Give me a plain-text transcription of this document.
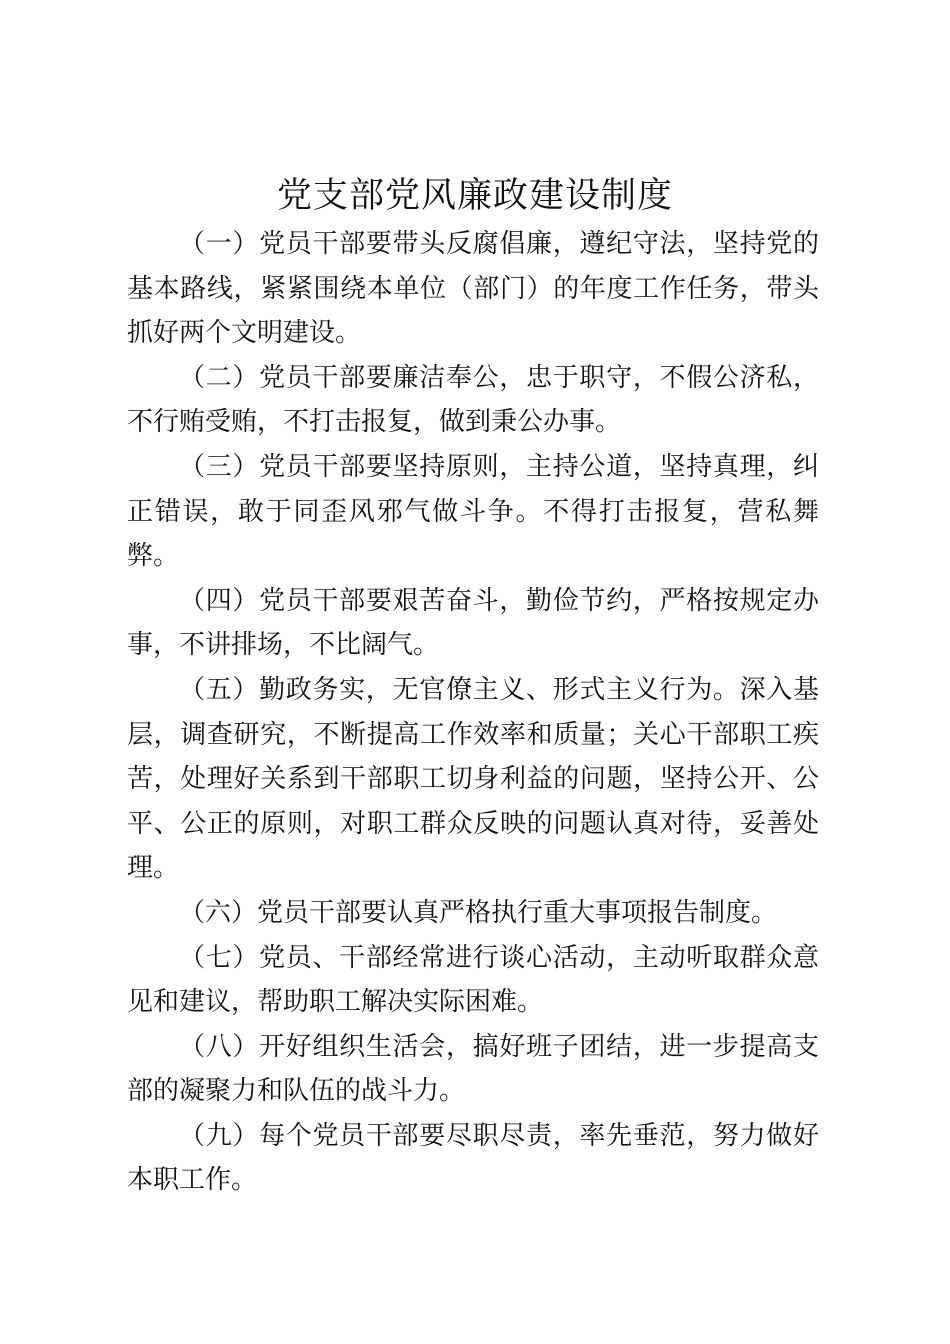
党支部党风廉政建设制度

（一）党员干部要带头反腐倡廉，遵纪守法，坚持党的基本路线，紧紧围绕本单位（部门）的年度工作任务，带头抓好两个文明建设。

（二）党员干部要廉洁奉公，忠于职守，不假公济私，不行贿受贿，不打击报复，做到秉公办事。

（三）党员干部要坚持原则，主持公道，坚持真理，纠正错误，敢于同歪风邪气做斗争。不得打击报复，营私舞弊。

（四）党员干部要艰苦奋斗，勤俭节约，严格按规定办事，不讲排场，不比阔气。

（五）勤政务实，无官僚主义、形式主义行为。深入基层，调查研究，不断提高工作效率和质量；关心干部职工疾苦，处理好关系到干部职工切身利益的问题，坚持公开、公平、公正的原则，对职工群众反映的问题认真对待，妥善处理。

（六）党员干部要认真严格执行重大事项报告制度。

（七）党员、干部经常进行谈心活动，主动听取群众意见和建议，帮助职工解决实际困难。

（八）开好组织生活会，搞好班子团结，进一步提高支部的凝聚力和队伍的战斗力。

（九）每个党员干部要尽职尽责，率先垂范，努力做好本职工作。
